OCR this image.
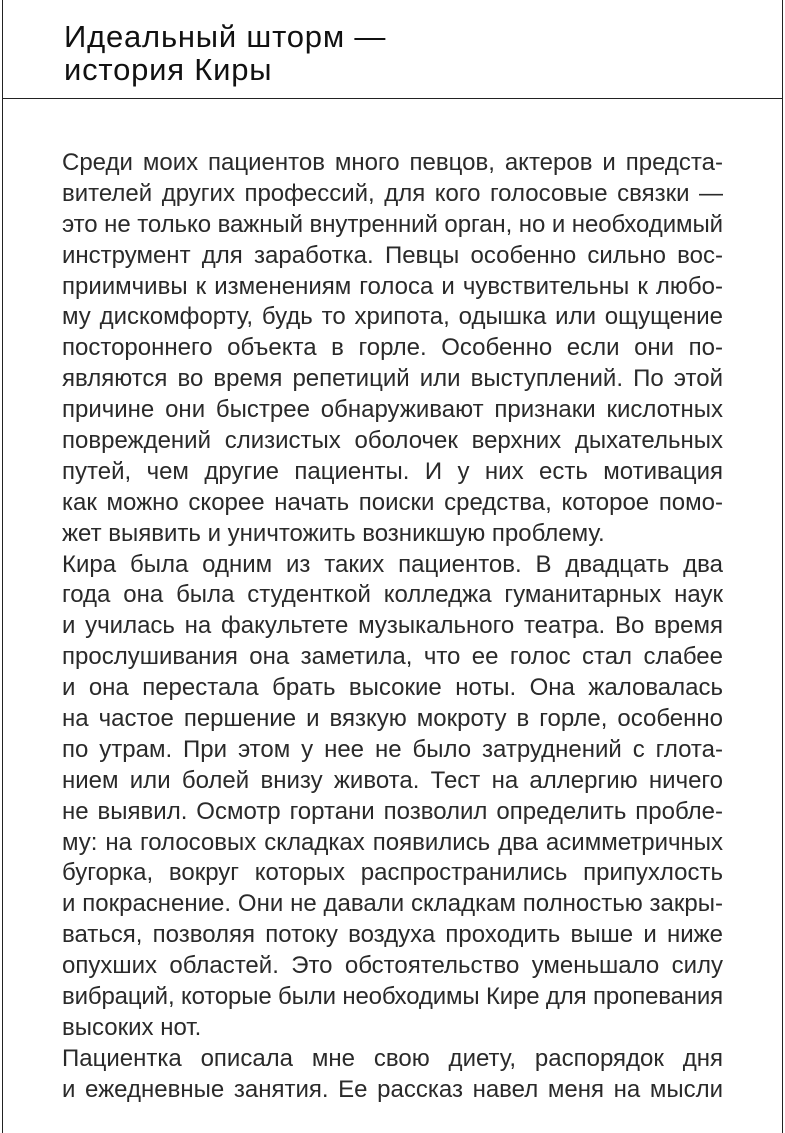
Идеальный шторм —
история Киры
Среди моих пациентов много певцов, актеров и предста-
вителей других профессий, для кого голосовые связки —
это не только важный внутренний орган, но и необходимый
инструмент для заработка. Певцы особенно сильно вос-
приимчивы к изменениям голоса и чувствительны к любо-
му дискомфорту, будь то хрипота, одышка или ощущение
постороннего объекта в горле. Особенно если они по-
являются во время репетиций или выступлений. По этой
причине они быстрее обнаруживают признаки кислотных
повреждений слизистых оболочек верхних дыхательных
путей, чем другие пациенты. И у них есть мотивация
как можно скорее начать поиски средства, которое помо-
жет выявить и уничтожить возникшую проблему.
Кира была одним из таких пациентов. В двадцать два
года она была студенткой колледжа гуманитарных наук
и училась на факультете музыкального театра. Во время
прослушивания она заметила, что ее голос стал слабее
и она перестала брать высокие ноты. Она жаловалась
на частое першение и вязкую мокроту в горле, особенно
по утрам. При этом у нее не было затруднений с глота-
нием или болей внизу живота. Тест на аллергию ничего
не выявил. Осмотр гортани позволил определить пробле-
му: на голосовых складках появились два асимметричных
бугорка, вокруг которых распространились припухлость
и покраснение. Они не давали складкам полностью закры-
ваться, позволяя потоку воздуха проходить выше и ниже
опухших областей. Это обстоятельство уменьшало силу
вибраций, которые были необходимы Кире для пропевания
высоких нот.
Пациентка описала мне свою диету, распорядок дня
и ежедневные занятия. Ее рассказ навел меня на мысли
